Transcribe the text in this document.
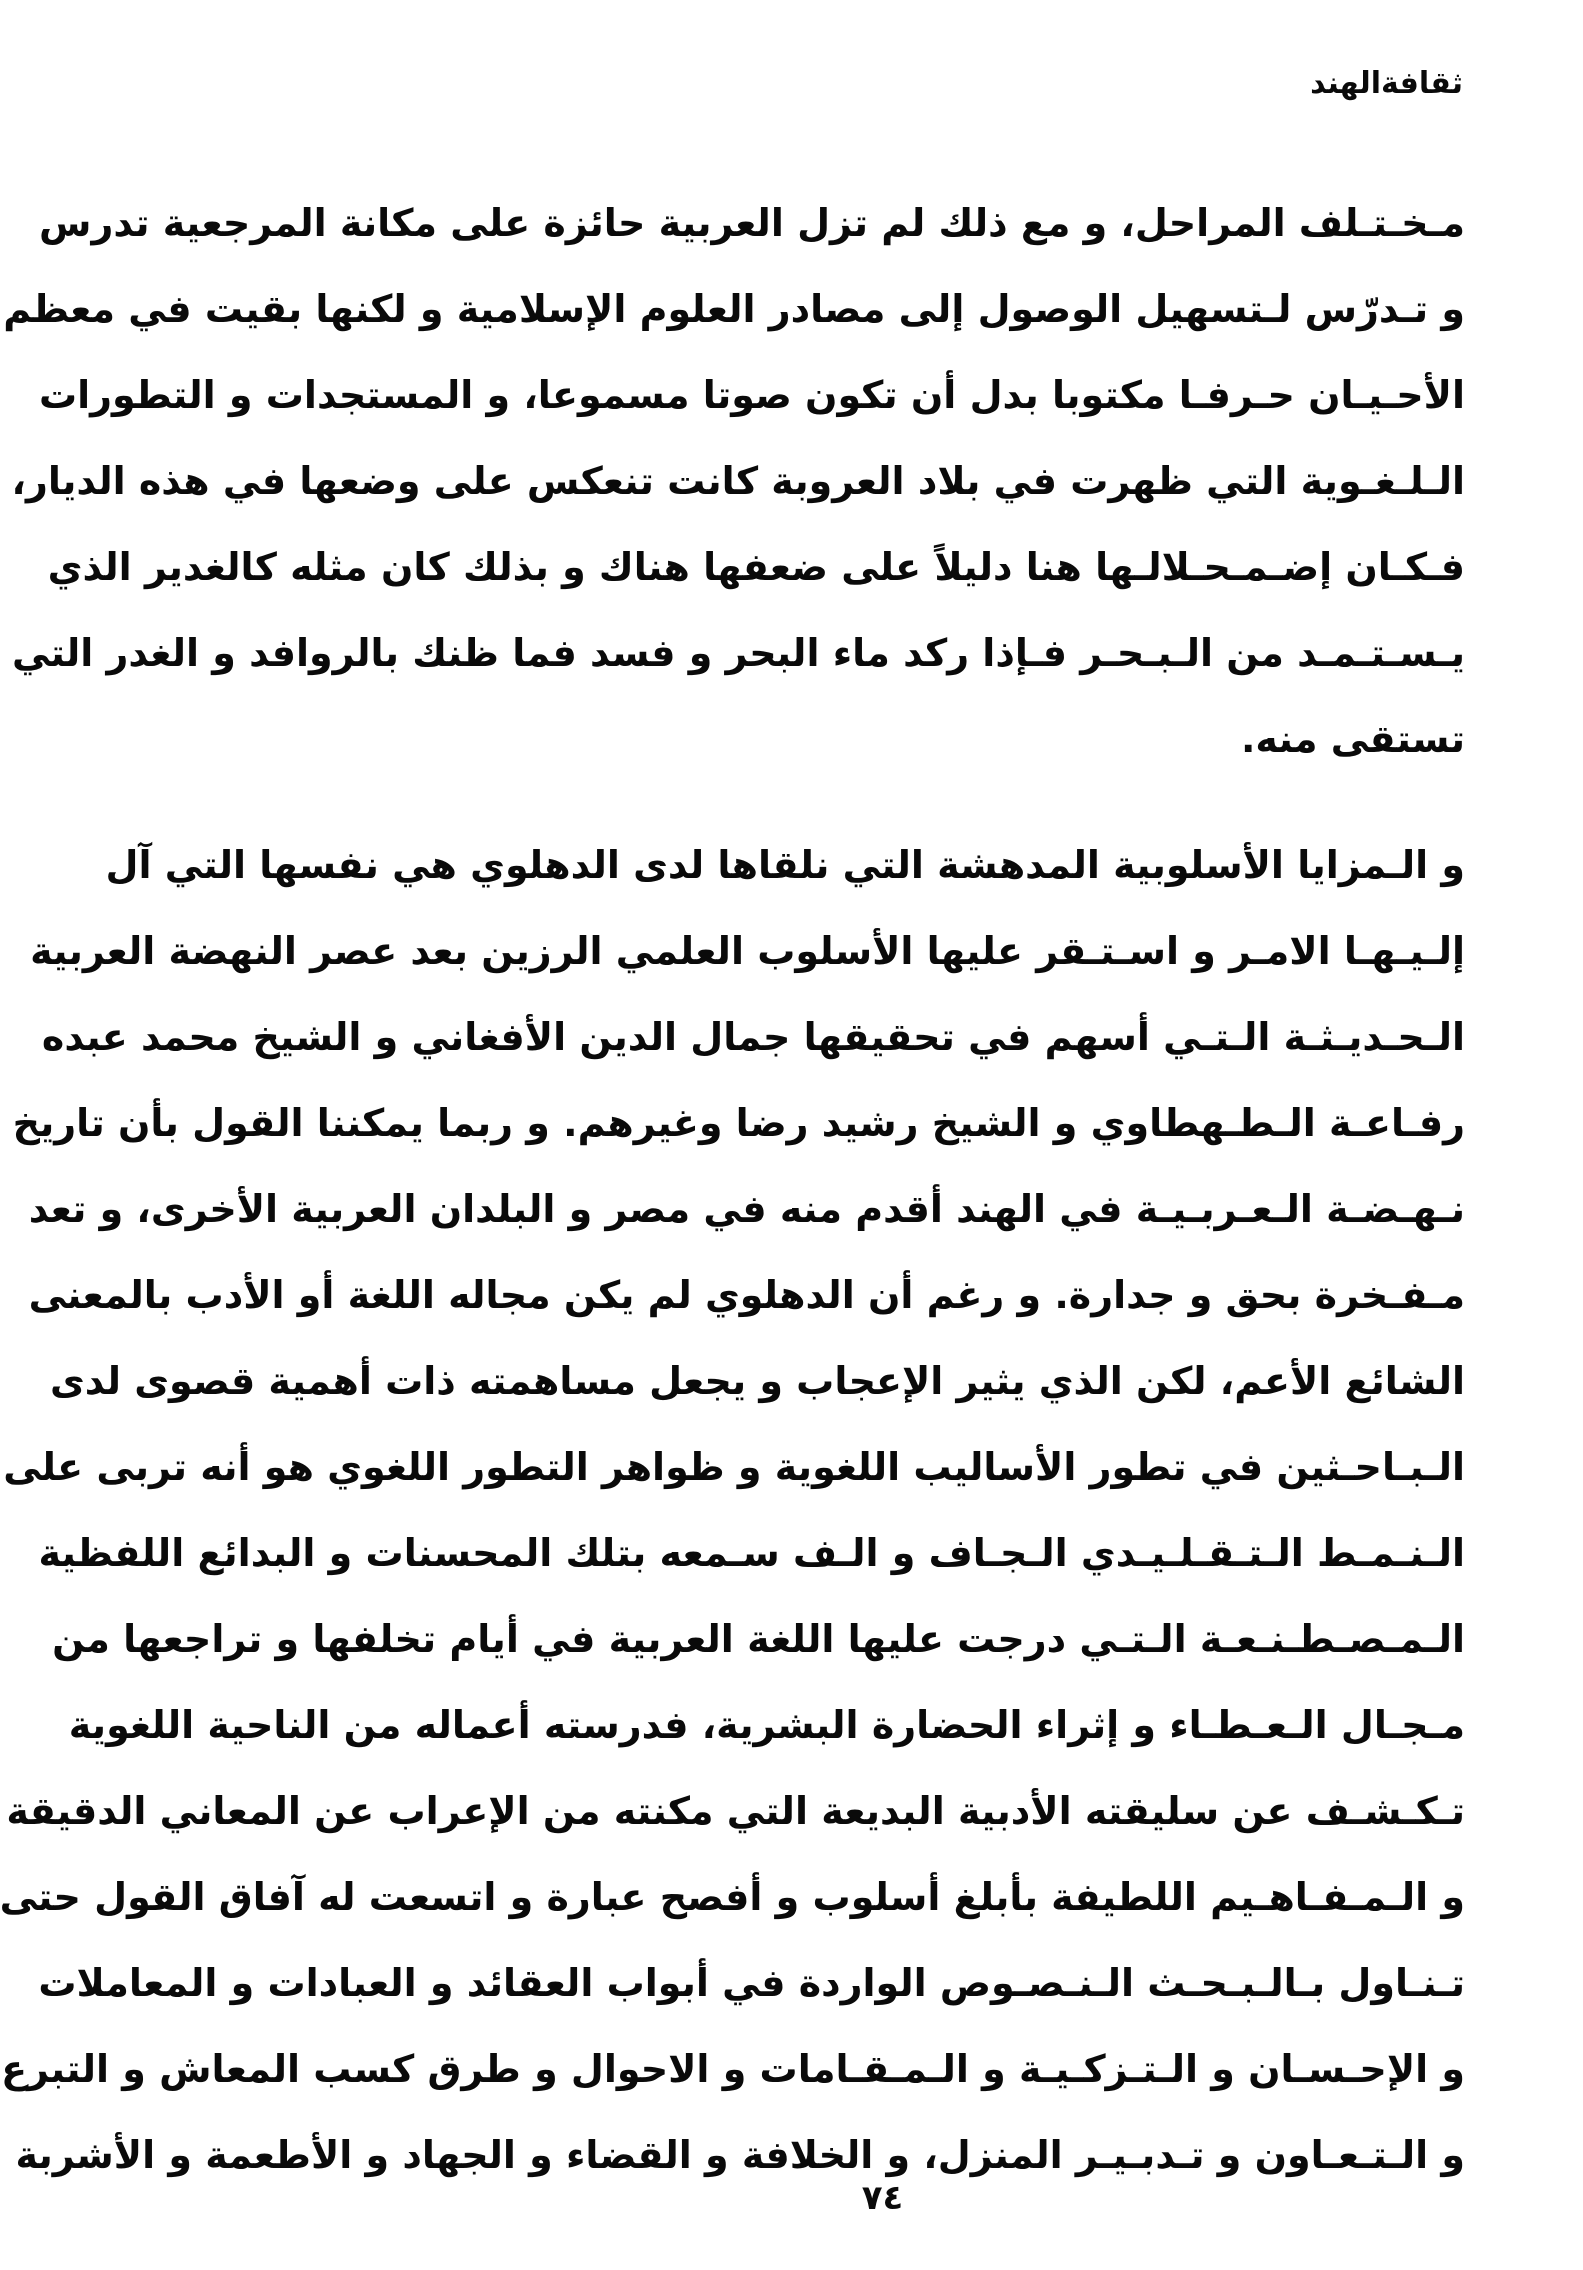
ثقافةالهند
مـخـتـلف المراحل، و مع ذلك لم تزل العربية حائزة على مكانة المرجعية تدرس
و تـدرّس لـتسهيل الوصول إلى مصادر العلوم الإسلامية و لكنها بقيت في معظم
الأحـيـان حـرفـا مكتوبا بدل أن تكون صوتا مسموعا، و المستجدات و التطورات
الـلـغـوية التي ظهرت في بلاد العروبة كانت تنعكس على وضعها في هذه الديار،
فـكـان إضـمـحـلالـها هنا دليلاً على ضعفها هناك و بذلك كان مثله كالغدير الذي
يـسـتـمـد من الـبـحـر فـإذا ركد ماء البحر و فسد فما ظنك بالروافد و الغدر التي
تستقى منه.
و الـمزايا الأسلوبية المدهشة التي نلقاها لدى الدهلوي هي نفسها التي آل
إلـيـهـا الامـر و اسـتـقر عليها الأسلوب العلمي الرزين بعد عصر النهضة العربية
الـحـديـثـة الـتـي أسهم في تحقيقها جمال الدين الأفغاني و الشيخ محمد عبده
رفـاعـة الـطـهطاوي و الشيخ رشيد رضا وغيرهم. و ربما يمكننا القول بأن تاريخ
نـهـضـة الـعـربـيـة في الهند أقدم منه في مصر و البلدان العربية الأخرى، و تعد
مـفـخرة بحق و جدارة. و رغم أن الدهلوي لم يكن مجاله اللغة أو الأدب بالمعنى
الشائع الأعم، لكن الذي يثير الإعجاب و يجعل مساهمته ذات أهمية قصوى لدى
الـبـاحـثين في تطور الأساليب اللغوية و ظواهر التطور اللغوي هو أنه تربى على
الـنـمـط الـتـقـلـيـدي الـجـاف و الـف سـمعه بتلك المحسنات و البدائع اللفظية
الـمـصـطـنـعـة الـتـي درجت عليها اللغة العربية في أيام تخلفها و تراجعها من
مـجـال الـعـطـاء و إثراء الحضارة البشرية، فدرسته أعماله من الناحية اللغوية
تـكـشـف عن سليقته الأدبية البديعة التي مكنته من الإعراب عن المعاني الدقيقة
و الـمـفـاهـيم اللطيفة بأبلغ أسلوب و أفصح عبارة و اتسعت له آفاق القول حتى
تـنـاول بـالـبـحـث الـنـصـوص الواردة في أبواب العقائد و العبادات و المعاملات
و الإحـسـان و الـتـزكـيـة و الـمـقـامات و الاحوال و طرق كسب المعاش و التبرع
و الـتـعـاون و تـدبـيـر المنزل، و الخلافة و القضاء و الجهاد و الأطعمة و الأشربة
٧٤
